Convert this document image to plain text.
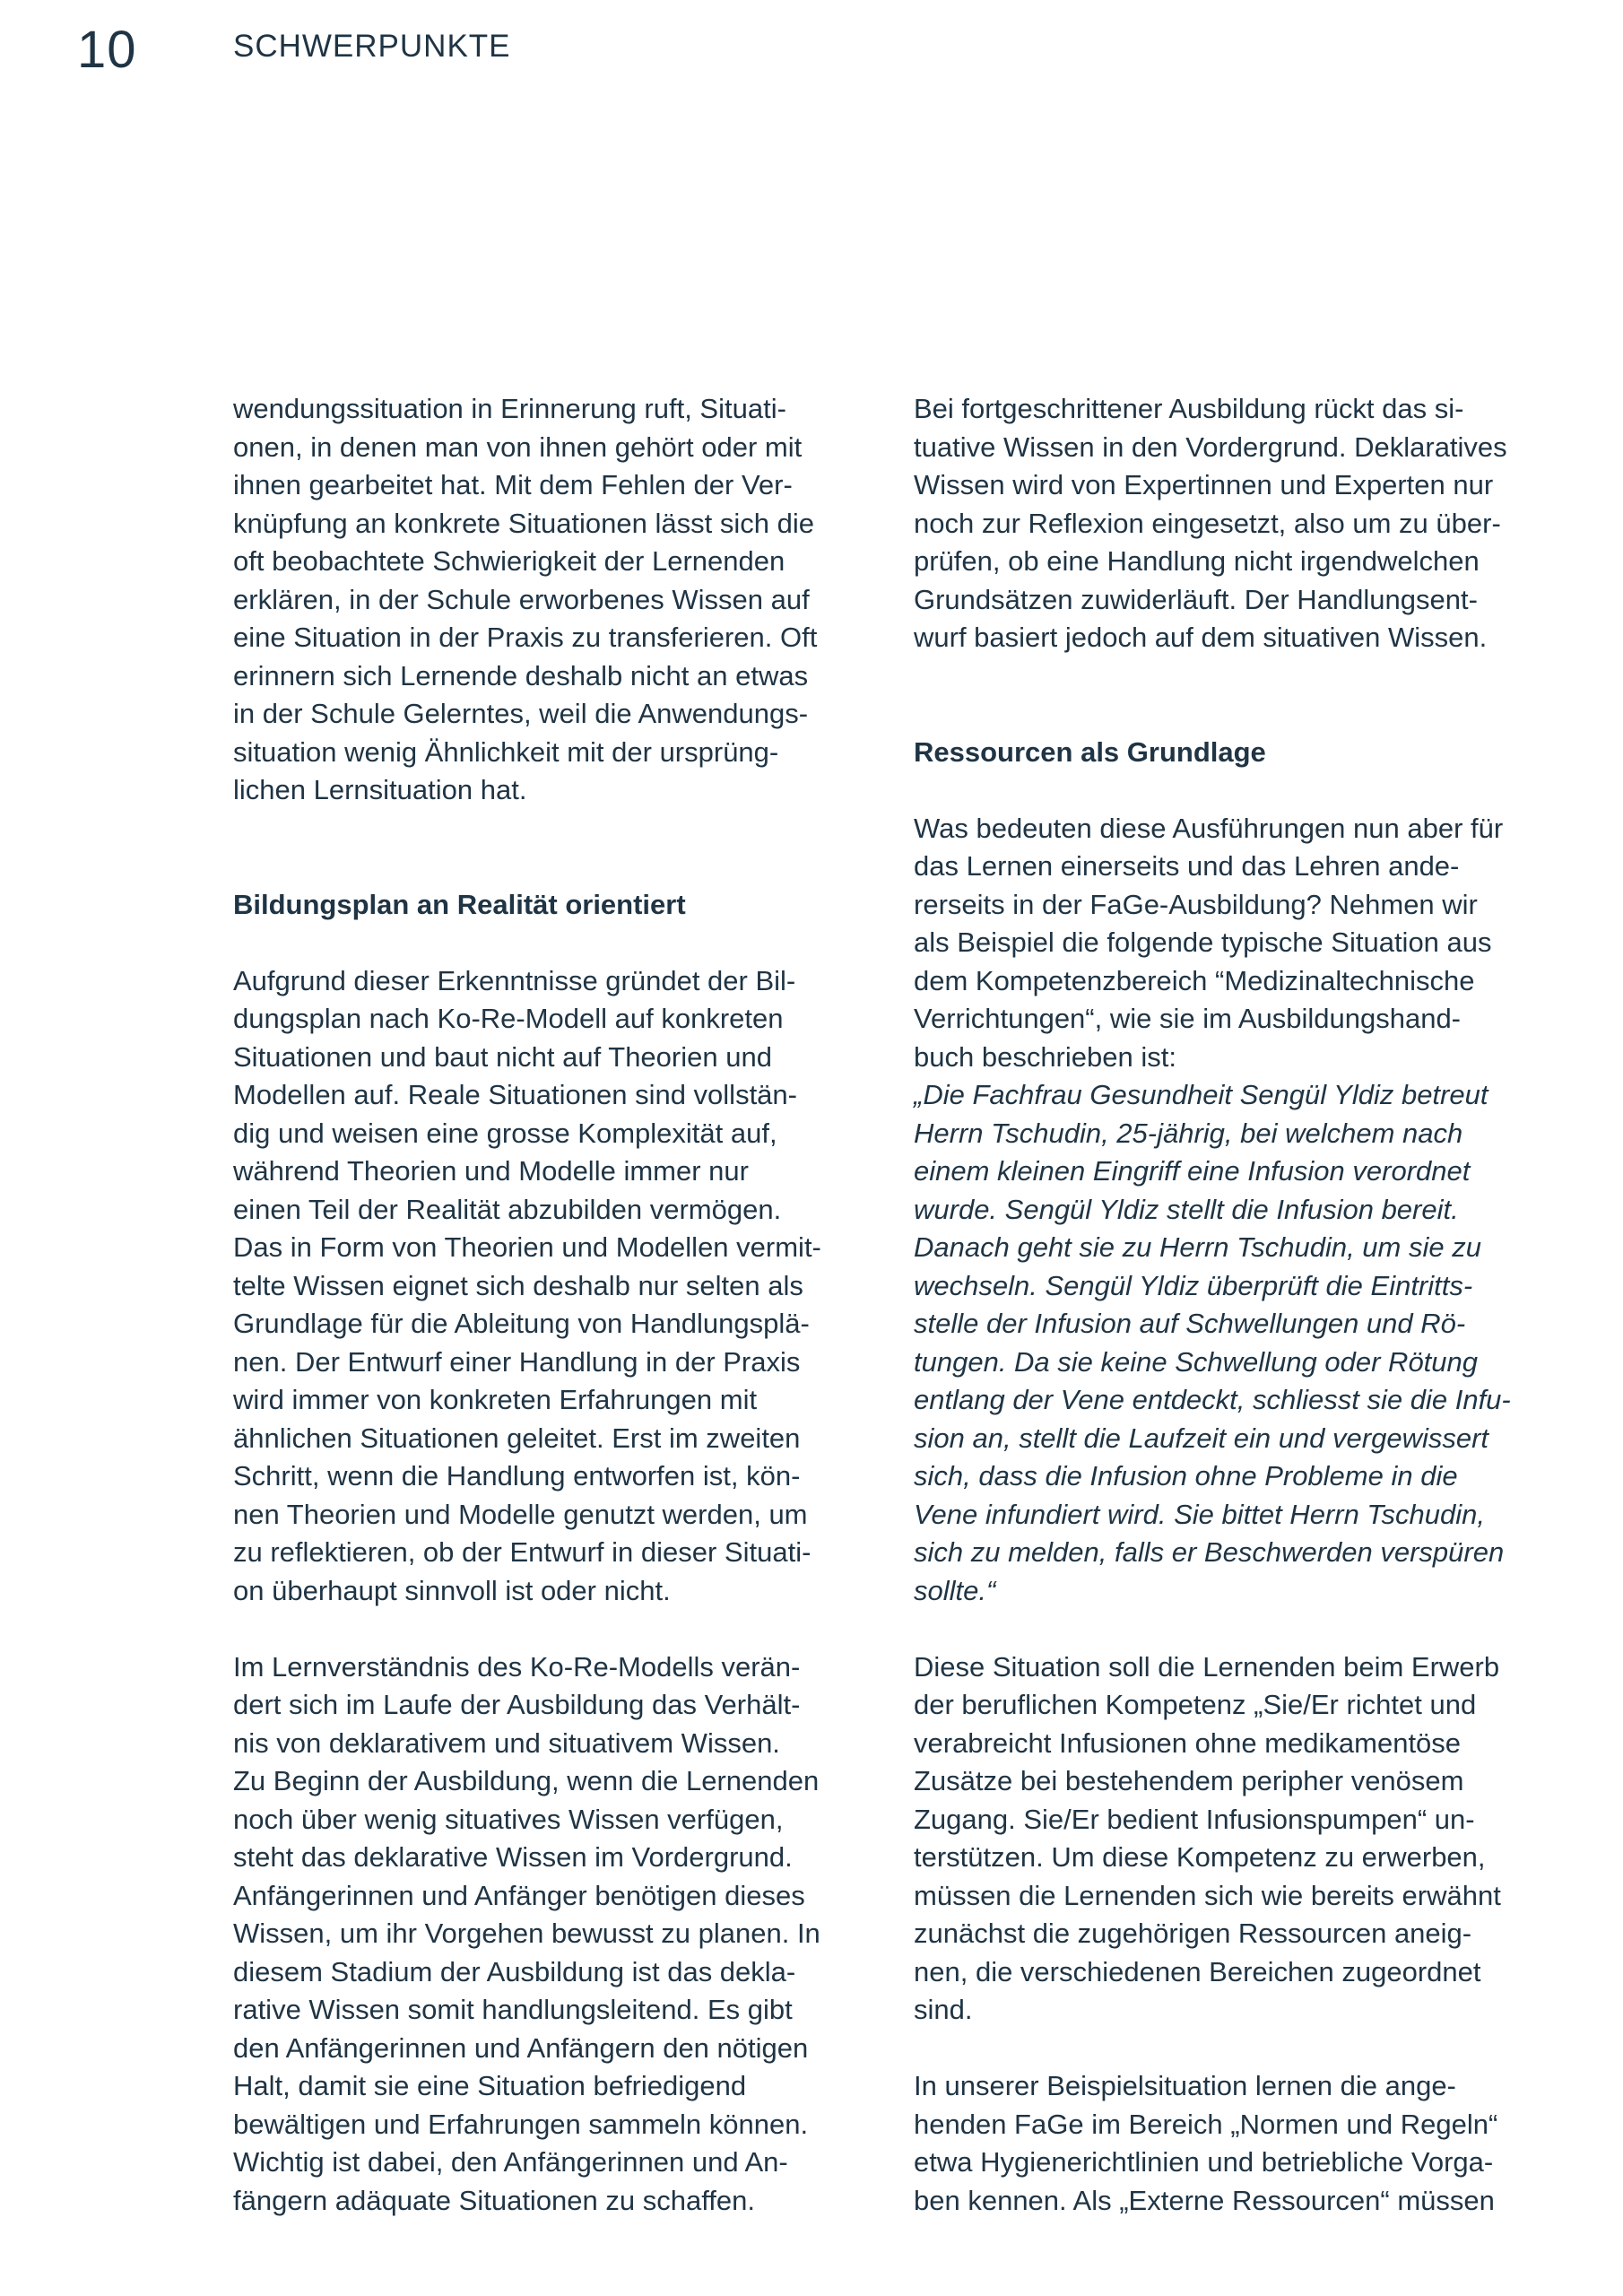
10	SCHWERPUNKTE

wendungssituation in Erinnerung ruft, Situati-
onen, in denen man von ihnen gehört oder mit
ihnen gearbeitet hat. Mit dem Fehlen der Ver-
knüpfung an konkrete Situationen lässt sich die
oft beobachtete Schwierigkeit der Lernenden
erklären, in der Schule erworbenes Wissen auf
eine Situation in der Praxis zu transferieren. Oft
erinnern sich Lernende deshalb nicht an etwas
in der Schule Gelerntes, weil die Anwendungs-
situation wenig Ähnlichkeit mit der ursprüng-
lichen Lernsituation hat.

Bildungsplan an Realität orientiert

Aufgrund dieser Erkenntnisse gründet der Bil-
dungsplan nach Ko-Re-Modell auf konkreten
Situationen und baut nicht auf Theorien und
Modellen auf. Reale Situationen sind vollstän-
dig und weisen eine grosse Komplexität auf,
während Theorien und Modelle immer nur
einen Teil der Realität abzubilden vermögen.
Das in Form von Theorien und Modellen vermit-
telte Wissen eignet sich deshalb nur selten als
Grundlage für die Ableitung von Handlungsplä-
nen. Der Entwurf einer Handlung in der Praxis
wird immer von konkreten Erfahrungen mit
ähnlichen Situationen geleitet. Erst im zweiten
Schritt, wenn die Handlung entworfen ist, kön-
nen Theorien und Modelle genutzt werden, um
zu reflektieren, ob der Entwurf in dieser Situati-
on überhaupt sinnvoll ist oder nicht.

Im Lernverständnis des Ko-Re-Modells verän-
dert sich im Laufe der Ausbildung das Verhält-
nis von deklarativem und situativem Wissen.
Zu Beginn der Ausbildung, wenn die Lernenden
noch über wenig situatives Wissen verfügen,
steht das deklarative Wissen im Vordergrund.
Anfängerinnen und Anfänger benötigen dieses
Wissen, um ihr Vorgehen bewusst zu planen. In
diesem Stadium der Ausbildung ist das dekla-
rative Wissen somit handlungsleitend. Es gibt
den Anfängerinnen und Anfängern den nötigen
Halt, damit sie eine Situation befriedigend
bewältigen und Erfahrungen sammeln können.
Wichtig ist dabei, den Anfängerinnen und An-
fängern adäquate Situationen zu schaffen.

Bei fortgeschrittener Ausbildung rückt das si-
tuative Wissen in den Vordergrund. Deklaratives
Wissen wird von Expertinnen und Experten nur
noch zur Reflexion eingesetzt, also um zu über-
prüfen, ob eine Handlung nicht irgendwelchen
Grundsätzen zuwiderläuft. Der Handlungsent-
wurf basiert jedoch auf dem situativen Wissen.

Ressourcen als Grundlage

Was bedeuten diese Ausführungen nun aber für
das Lernen einerseits und das Lehren ande-
rerseits in der FaGe-Ausbildung? Nehmen wir
als Beispiel die folgende typische Situation aus
dem Kompetenzbereich “Medizinaltechnische
Verrichtungen“, wie sie im Ausbildungshand-
buch beschrieben ist:

„Die Fachfrau Gesundheit Sengül Yldiz betreut
Herrn Tschudin, 25-jährig, bei welchem nach
einem kleinen Eingriff eine Infusion verordnet
wurde. Sengül Yldiz stellt die Infusion bereit.
Danach geht sie zu Herrn Tschudin, um sie zu
wechseln. Sengül Yldiz überprüft die Eintritts-
stelle der Infusion auf Schwellungen und Rö-
tungen. Da sie keine Schwellung oder Rötung
entlang der Vene entdeckt, schliesst sie die Infu-
sion an, stellt die Laufzeit ein und vergewissert
sich, dass die Infusion ohne Probleme in die
Vene infundiert wird. Sie bittet Herrn Tschudin,
sich zu melden, falls er Beschwerden verspüren
sollte.“

Diese Situation soll die Lernenden beim Erwerb
der beruflichen Kompetenz „Sie/Er richtet und
verabreicht Infusionen ohne medikamentöse
Zusätze bei bestehendem peripher venösem
Zugang. Sie/Er bedient Infusionspumpen“ un-
terstützen. Um diese Kompetenz zu erwerben,
müssen die Lernenden sich wie bereits erwähnt
zunächst die zugehörigen Ressourcen aneig-
nen, die verschiedenen Bereichen zugeordnet
sind.

In unserer Beispielsituation lernen die ange-
henden FaGe im Bereich „Normen und Regeln“
etwa Hygienerichtlinien und betriebliche Vorga-
ben kennen. Als „Externe Ressourcen“ müssen
